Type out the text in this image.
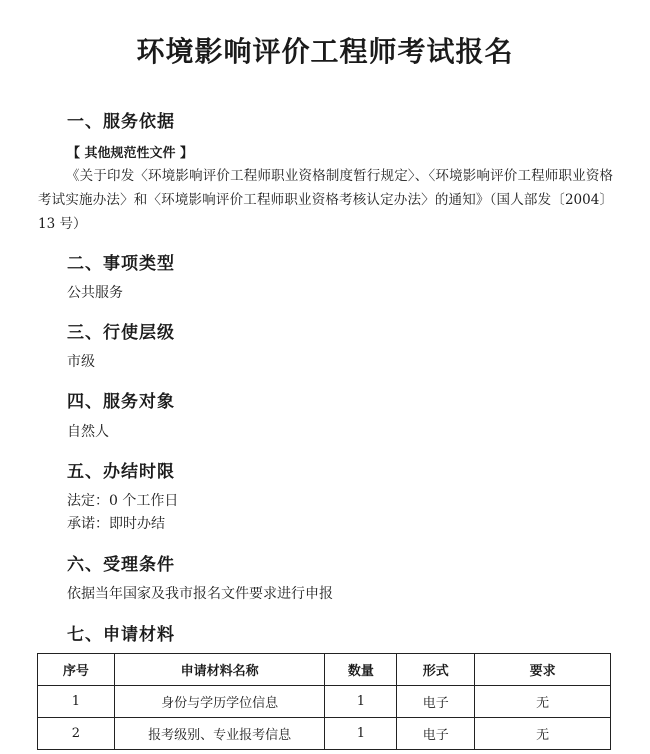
环境影响评价工程师考试报名
一、服务依据
【 其他规范性文件 】
《关于印发〈环境影响评价工程师职业资格制度暂行规定〉、〈环境影响评价工程师职业资格考试实施办法〉和〈环境影响评价工程师职业资格考核认定办法〉的通知》（国人部发〔2004〕13 号）
二、事项类型
公共服务
三、行使层级
市级
四、服务对象
自然人
五、办结时限
法定：0 个工作日
承诺：即时办结
六、受理条件
依据当年国家及我市报名文件要求进行申报
七、申请材料
序号	申请材料名称	数量	形式	要求
1	身份与学历学位信息	1	电子	无
2	报考级别、专业报考信息	1	电子	无
